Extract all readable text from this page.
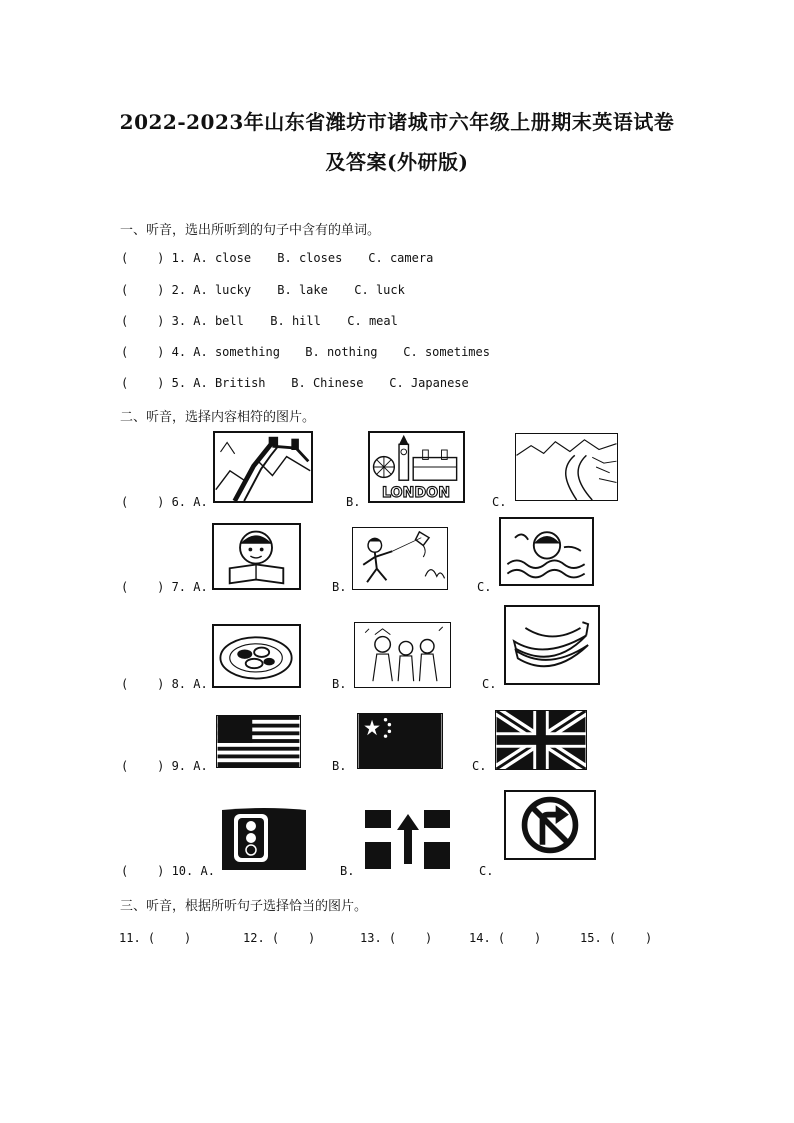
2022-2023年山东省潍坊市诸城市六年级上册期末英语试卷
及答案(外研版)
一、听音，选出所听到的句子中含有的单词。
(    ) 1. A. close B. closes C. camera
(    ) 2. A. lucky B. lake C. luck
(    ) 3. A. bell B. hill C. meal
(    ) 4. A. something B. nothing C. sometimes
(    ) 5. A. British B. Chinese C. Japanese
二、听音，选择内容相符的图片。
(    ) 6. A.	B.
LONDON
C.
(    ) 7. A.	B.	C.
(    ) 8. A.	B.	C.
(    ) 9. A.	B.	C.
(    ) 10. A.	B.	C.
三、听音，根据所听句子选择恰当的图片。
11. (    )	12. (    )	13. (    )	14. (    )	15. (    )
